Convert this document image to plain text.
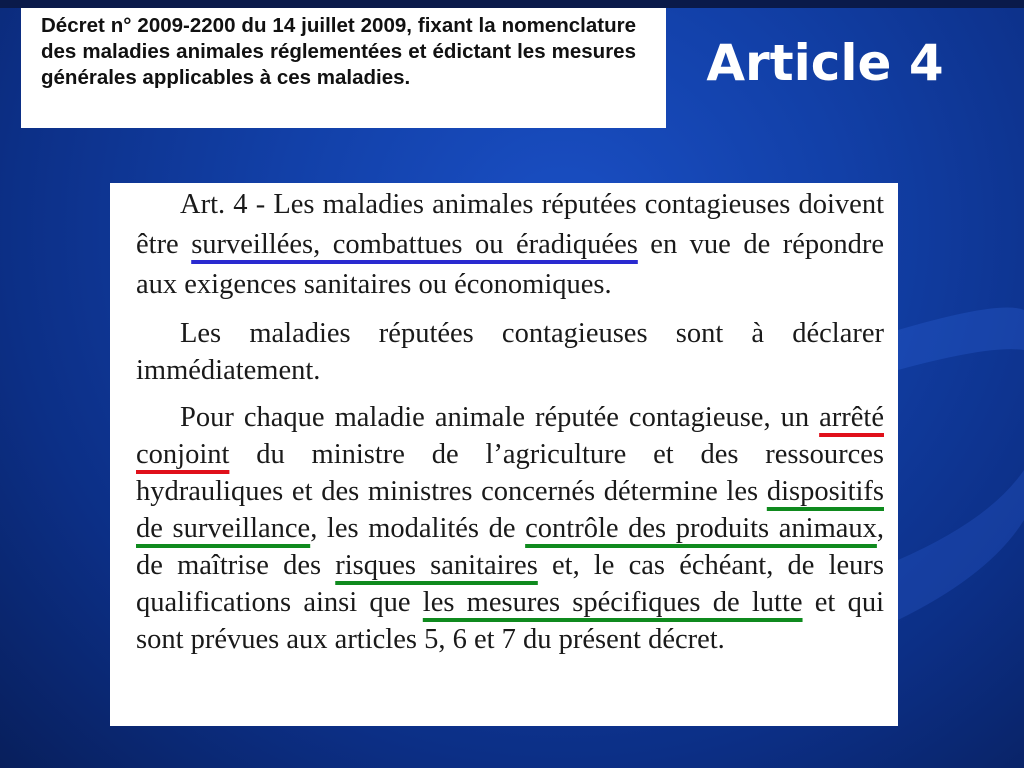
Décret n° 2009-2200 du 14 juillet 2009, fixant la nomenclature des maladies animales réglementées et édictant les mesures générales applicables à ces maladies.	Article 4

Art. 4 - Les maladies animales réputées contagieuses doivent être surveillées, combattues ou éradiquées en vue de répondre aux exigences sanitaires ou économiques.

Les maladies réputées contagieuses sont à déclarer immédiatement.

Pour chaque maladie animale réputée contagieuse, un arrêté conjoint du ministre de l’agriculture et des ressources hydrauliques et des ministres concernés détermine les dispositifs de surveillance, les modalités de contrôle des produits animaux, de maîtrise des risques sanitaires et, le cas échéant, de leurs qualifications ainsi que les mesures spécifiques de lutte et qui sont prévues aux articles 5, 6 et 7 du présent décret.
